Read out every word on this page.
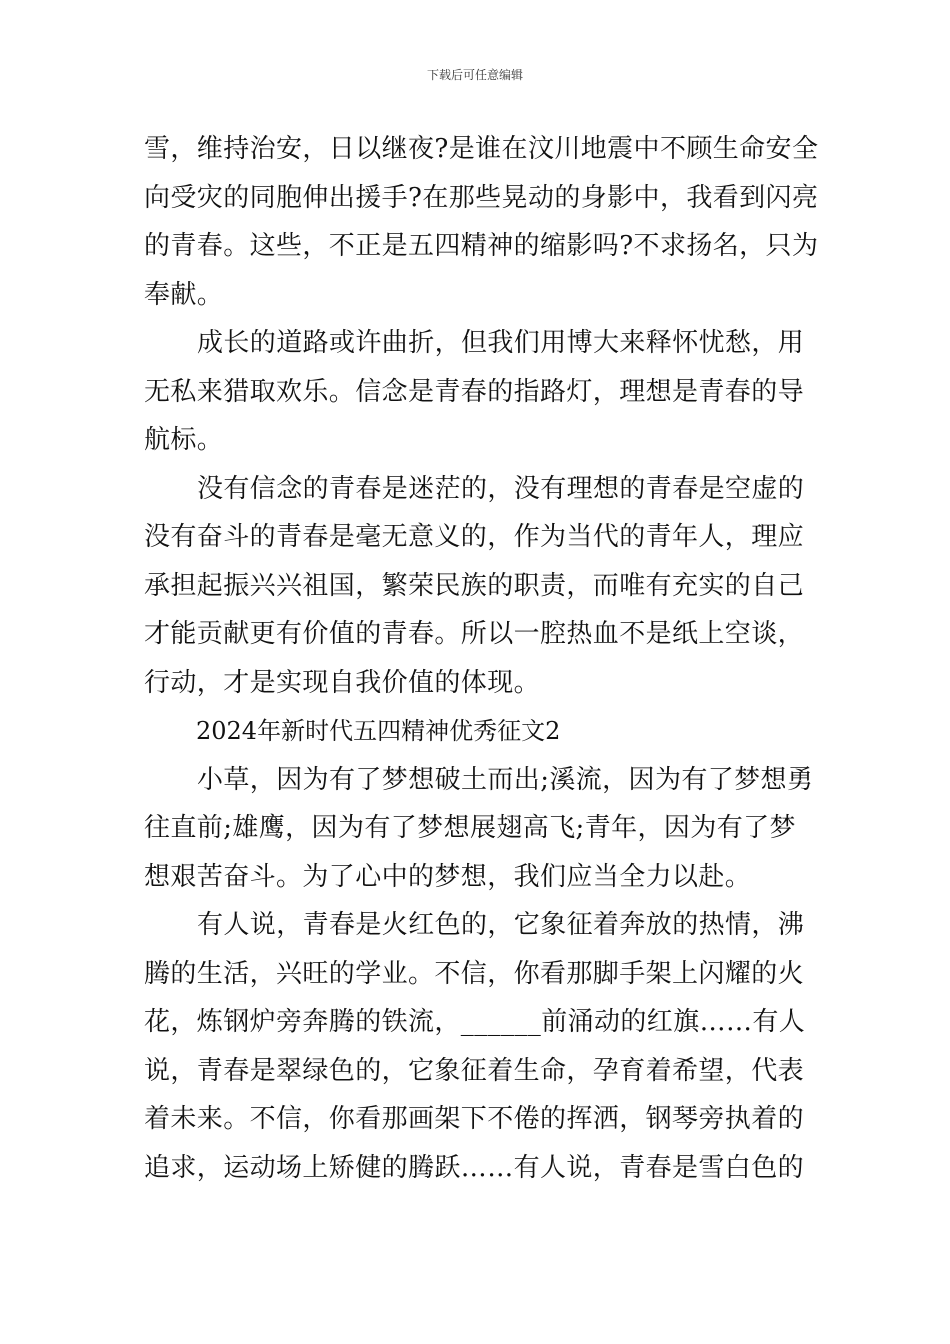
下载后可任意编辑
雪，维持治安，日以继夜?是谁在汶川地震中不顾生命安全
向受灾的同胞伸出援手?在那些晃动的身影中，我看到闪亮
的青春。这些，不正是五四精神的缩影吗?不求扬名，只为
奉献。
成长的道路或许曲折，但我们用博大来释怀忧愁，用
无私来猎取欢乐。信念是青春的指路灯，理想是青春的导
航标。
没有信念的青春是迷茫的，没有理想的青春是空虚的
没有奋斗的青春是毫无意义的，作为当代的青年人，理应
承担起振兴兴祖国，繁荣民族的职责，而唯有充实的自己
才能贡献更有价值的青春。所以一腔热血不是纸上空谈，
行动，才是实现自我价值的体现。
2024年新时代五四精神优秀征文2
小草，因为有了梦想破土而出;溪流，因为有了梦想勇
往直前;雄鹰，因为有了梦想展翅高飞;青年，因为有了梦
想艰苦奋斗。为了心中的梦想，我们应当全力以赴。
有人说，青春是火红色的，它象征着奔放的热情，沸
腾的生活，兴旺的学业。不信，你看那脚手架上闪耀的火
花，炼钢炉旁奔腾的铁流，______前涌动的红旗……有人
说，青春是翠绿色的，它象征着生命，孕育着希望，代表
着未来。不信，你看那画架下不倦的挥洒，钢琴旁执着的
追求，运动场上矫健的腾跃……有人说，青春是雪白色的
